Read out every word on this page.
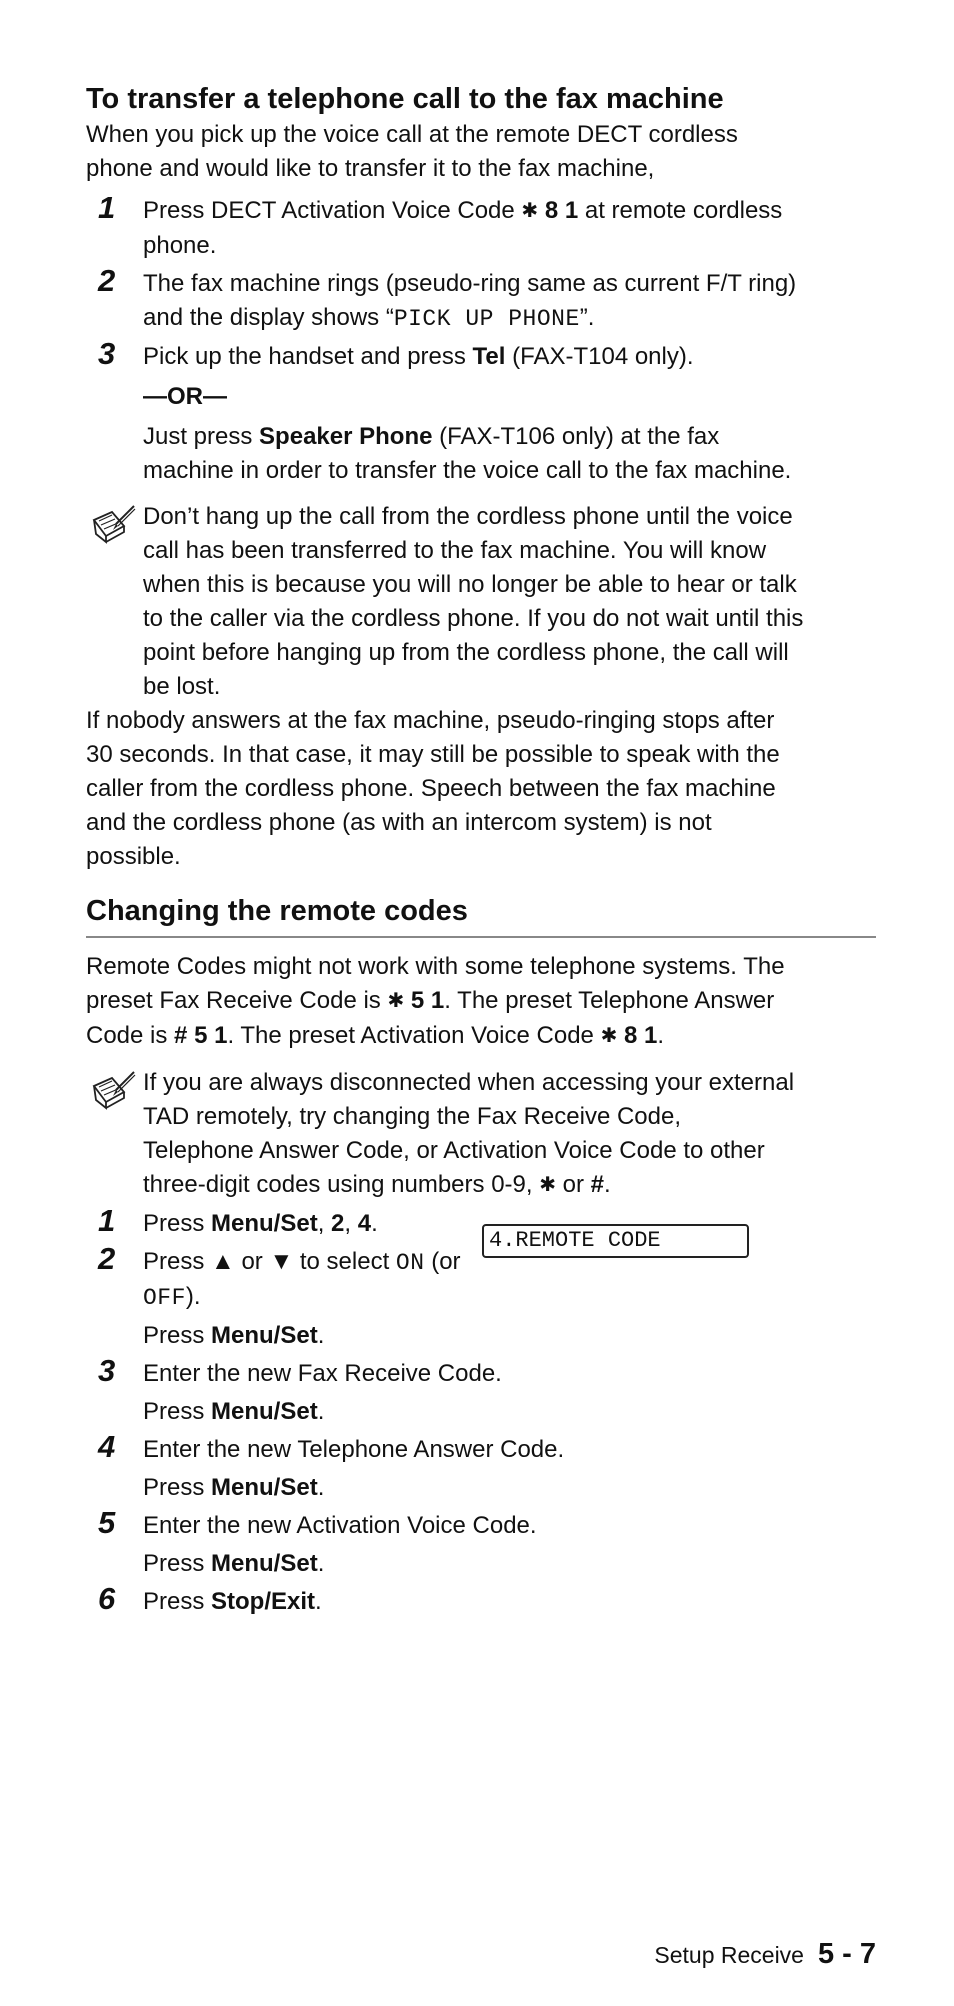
To transfer a telephone call to the fax machine

When you pick up the voice call at the remote DECT cordless

phone and would like to transfer it to the fax machine,

1 Press DECT Activation Voice Code ✱ 8 1 at remote cordless
phone.
2 The fax machine rings (pseudo-ring same as current F/T ring)
and the display shows “PICK UP PHONE”.
3 Pick up the handset and press Tel (FAX-T104 only).
—OR—
Just press Speaker Phone (FAX-T106 only) at the fax
machine in order to transfer the voice call to the fax machine.
Don’t hang up the call from the cordless phone until the voice
call has been transferred to the fax machine. You will know
when this is because you will no longer be able to hear or talk
to the caller via the cordless phone. If you do not wait until this
point before hanging up from the cordless phone, the call will
be lost.

If nobody answers at the fax machine, pseudo-ringing stops after

30 seconds. In that case, it may still be possible to speak with the

caller from the cordless phone. Speech between the fax machine

and the cordless phone (as with an intercom system) is not

possible.

Changing the remote codes

Remote Codes might not work with some telephone systems. The

preset Fax Receive Code is ✱ 5 1. The preset Telephone Answer

Code is # 5 1. The preset Activation Voice Code ✱ 8 1.

If you are always disconnected when accessing your external
TAD remotely, try changing the Fax Receive Code,
Telephone Answer Code, or Activation Voice Code to other
three-digit codes using numbers 0-9, ✱ or #.
1 Press Menu/Set, 2, 4.
2 Press ▲ or ▼ to select ON (or
OFF).
Press Menu/Set.
3 Enter the new Fax Receive Code.
Press Menu/Set.
4 Enter the new Telephone Answer Code.
Press Menu/Set.
5 Enter the new Activation Voice Code.
Press Menu/Set.
6 Press Stop/Exit.
4.REMOTE CODE
Setup Receive 5 - 7
